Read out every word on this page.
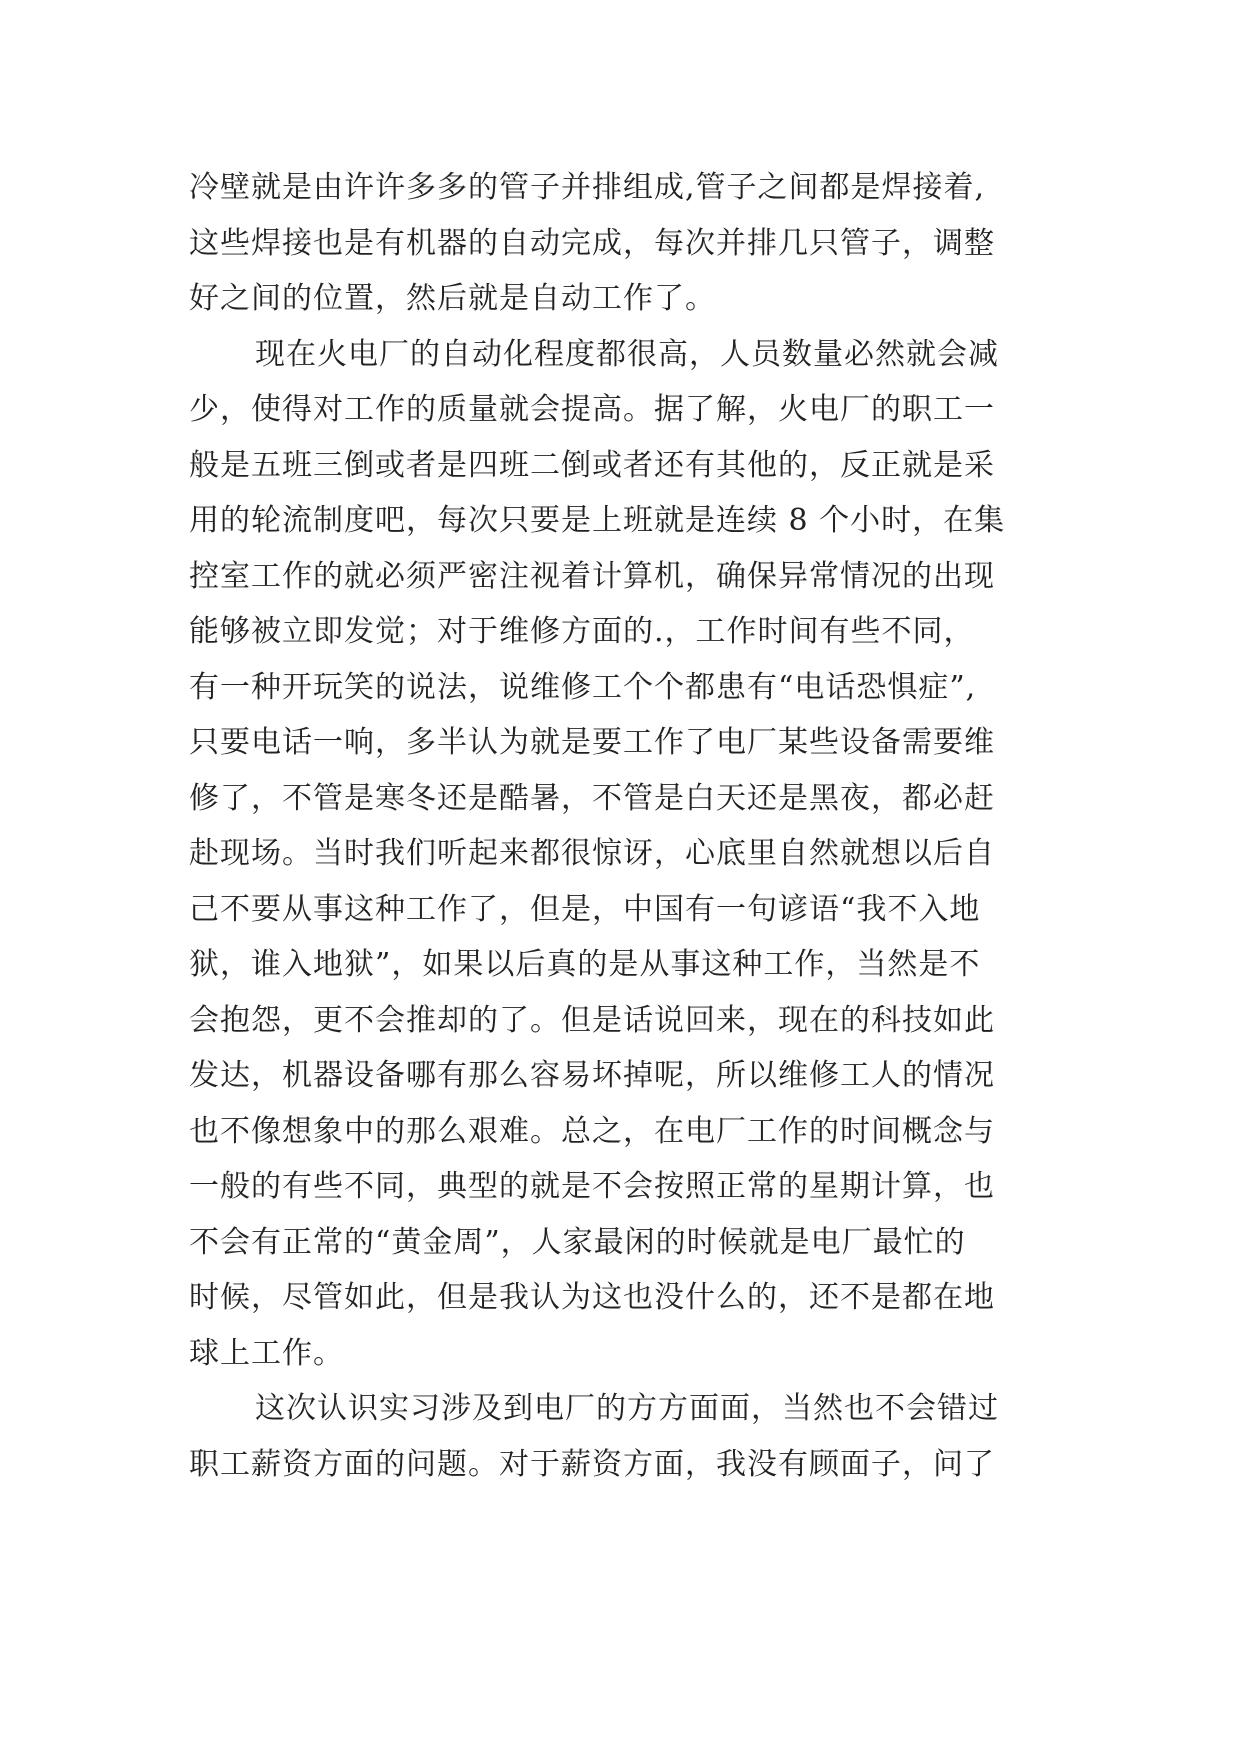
冷壁就是由许许多多的管子并排组成,管子之间都是焊接着,
这些焊接也是有机器的自动完成，每次并排几只管子，调整
好之间的位置，然后就是自动工作了。
现在火电厂的自动化程度都很高，人员数量必然就会减
少，使得对工作的质量就会提高。据了解，火电厂的职工一
般是五班三倒或者是四班二倒或者还有其他的，反正就是采
用的轮流制度吧，每次只要是上班就是连续 8 个小时，在集
控室工作的就必须严密注视着计算机，确保异常情况的出现
能够被立即发觉；对于维修方面的.，工作时间有些不同，
有一种开玩笑的说法，说维修工个个都患有“电话恐惧症”,
只要电话一响，多半认为就是要工作了电厂某些设备需要维
修了，不管是寒冬还是酷暑，不管是白天还是黑夜，都必赶
赴现场。当时我们听起来都很惊讶，心底里自然就想以后自
己不要从事这种工作了，但是，中国有一句谚语“我不入地
狱，谁入地狱”，如果以后真的是从事这种工作，当然是不
会抱怨，更不会推却的了。但是话说回来，现在的科技如此
发达，机器设备哪有那么容易坏掉呢，所以维修工人的情况
也不像想象中的那么艰难。总之，在电厂工作的时间概念与
一般的有些不同，典型的就是不会按照正常的星期计算，也
不会有正常的“黄金周”，人家最闲的时候就是电厂最忙的
时候，尽管如此，但是我认为这也没什么的，还不是都在地
球上工作。
这次认识实习涉及到电厂的方方面面，当然也不会错过
职工薪资方面的问题。对于薪资方面，我没有顾面子，问了
